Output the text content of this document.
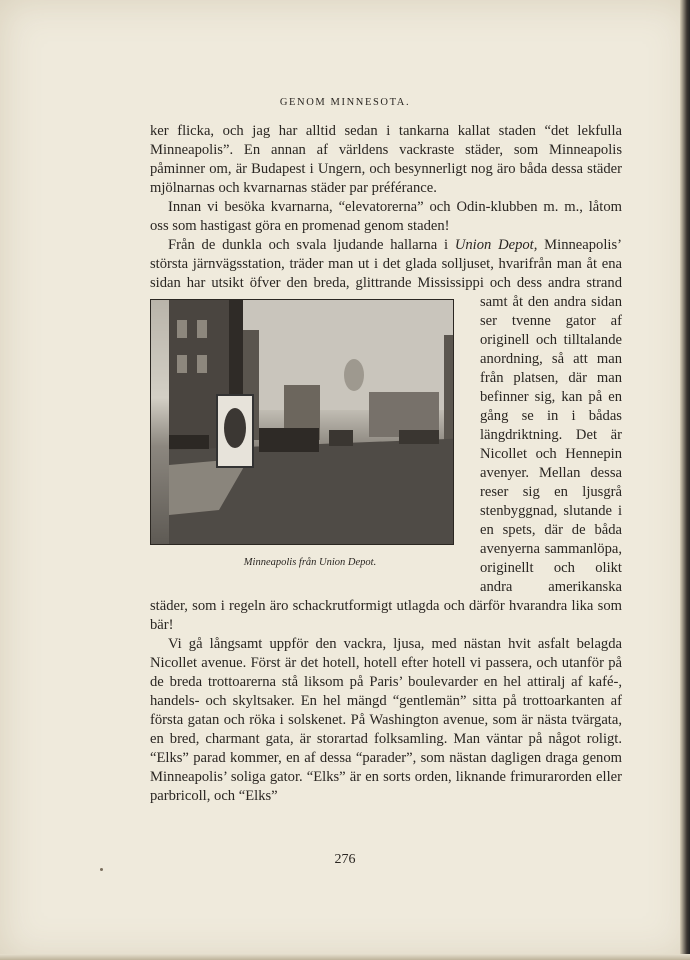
GENOM MINNESOTA.

ker flicka, och jag har alltid sedan i tankarna kallat staden “det lekfulla Minneapolis”. En annan af världens vackraste städer, som Minneapolis påminner om, är Budapest i Ungern, och besynnerligt nog äro båda dessa städer mjölnarnas och kvarnarnas städer par préférance.

Innan vi besöka kvarnarna, “elevatorerna” och Odin-klubben m. m., låtom oss som hastigast göra en promenad genom staden!

Från de dunkla och svala ljudande hallarna i Union Depot, Minneapolis’ största järnvägsstation, träder man ut i det glada solljuset, hvarifrån man åt ena sidan har utsikt öfver den breda, glittrande Mississippi och dess andra strand
Minneapolis från Union Depot.
samt åt den andra sidan ser tvenne gator af originell och tilltalande anordning, så att man från platsen, där man befinner sig, kan på en gång se in i bådas längdriktning. Det är Nicollet och Hennepin avenyer. Mellan dessa reser sig en ljusgrå stenbyggnad, slutande i en spets, där de båda avenyerna sammanlöpa, originellt och olikt andra amerikanska städer, som i regeln äro schackrutformigt utlagda och därför hvarandra lika som bär!

Vi gå långsamt uppför den vackra, ljusa, med nästan hvit asfalt belagda Nicollet avenue. Först är det hotell, hotell efter hotell vi passera, och utanför på de breda trottoarerna stå liksom på Paris’ boulevarder en hel attiralj af kafé-, handels- och skyltsaker. En hel mängd “gentlemän” sitta på trottoarkanten af första gatan och röka i solskenet. På Washington avenue, som är nästa tvärgata, en bred, charmant gata, är storartad folksamling. Man väntar på något roligt. “Elks” parad kommer, en af dessa “parader”, som nästan dagligen draga genom Minneapolis’ soliga gator. “Elks” är en sorts orden, liknande frimurarorden eller parbricoll, och “Elks”

276
